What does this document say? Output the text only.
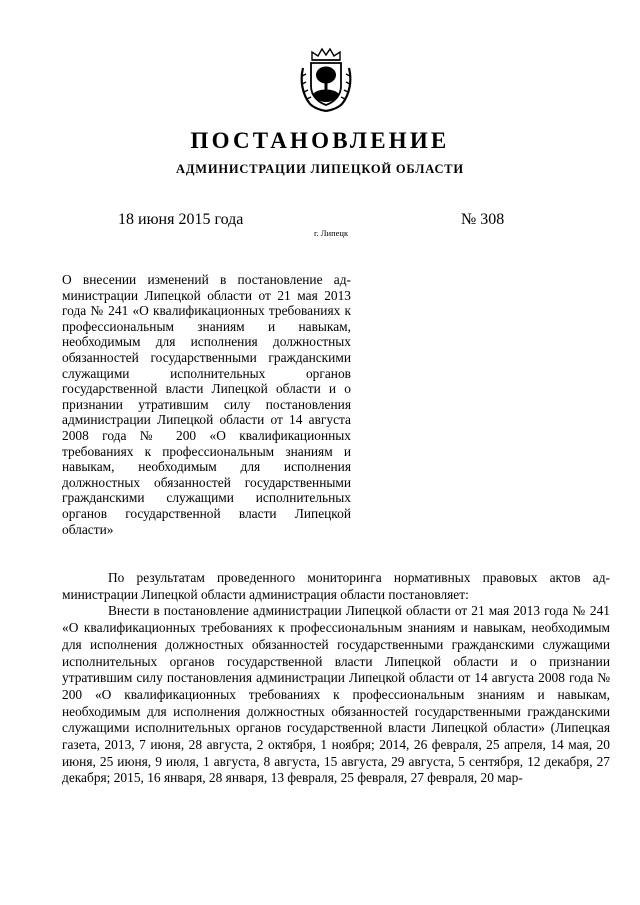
ПОСТАНОВЛЕНИЕ
АДМИНИСТРАЦИИ ЛИПЕЦКОЙ ОБЛАСТИ
18 июня 2015 года
г. Липецк
№ 308

О внесении изменений в постановление администрации Липецкой области от 21 мая 2013 года № 241 «О квалификационных требованиях к профессиональным знаниям и навыкам, необходимым для исполнения должностных обязанностей государственными гражданскими служащими исполнительных органов государственной власти Липецкой области и о признании утратившим силу постановления администрации Липецкой области от 14 августа 2008 года № 200 «О квалификационных требованиях к профессиональным знаниям и навыкам, необходимым для исполнения должностных обязанностей государственными гражданскими служащими исполнительных органов государственной власти Липецкой области»

По результатам проведенного мониторинга нормативных правовых актов администрации Липецкой области администрация области постановляет:

Внести в постановление администрации Липецкой области от 21 мая 2013 года № 241 «О квалификационных требованиях к профессиональным знаниям и навыкам, необходимым для исполнения должностных обязанностей государственными гражданскими служащими исполнительных органов государственной власти Липецкой области и о признании утратившим силу постановления администрации Липецкой области от 14 августа 2008 года № 200 «О квалификационных требованиях к профессиональным знаниям и навыкам, необходимым для исполнения должностных обязанностей государственными гражданскими служащими исполнительных органов государственной власти Липецкой области» (Липецкая газета, 2013, 7 июня, 28 августа, 2 октября, 1 ноября; 2014, 26 февраля, 25 апреля, 14 мая, 20 июня, 25 июня, 9 июля, 1 августа, 8 августа, 15 августа, 29 августа, 5 сентября, 12 декабря, 27 декабря; 2015, 16 января, 28 января, 13 февраля, 25 февраля, 27 февраля, 20 мар-
